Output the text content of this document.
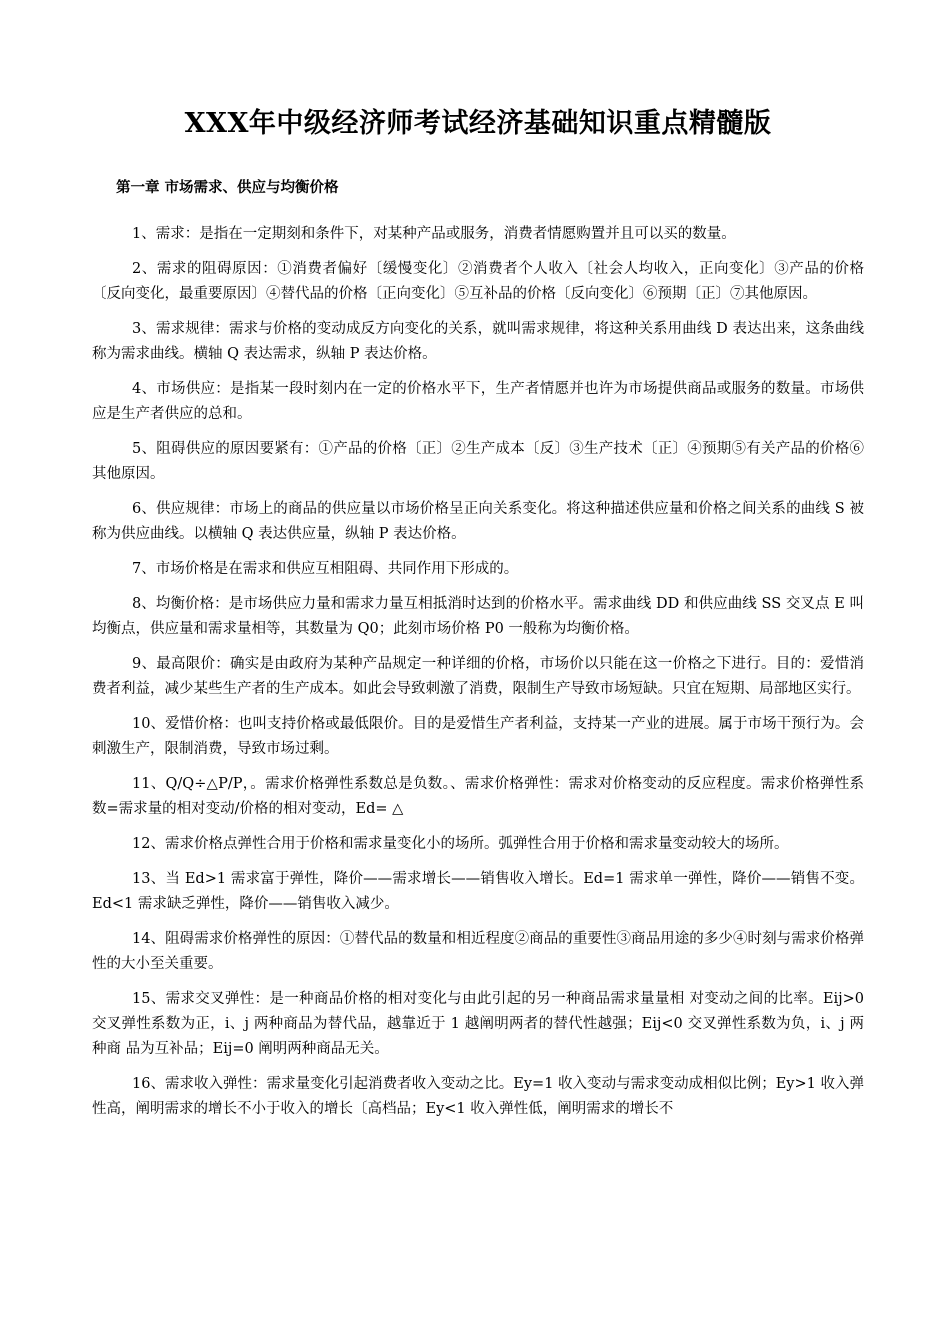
XXX年中级经济师考试经济基础知识重点精髓版
第一章 市场需求、供应与均衡价格

1、需求：是指在一定期刻和条件下，对某种产品或服务，消费者情愿购置并且可以买的数量。

2、需求的阻碍原因：①消费者偏好〔缓慢变化〕②消费者个人收入〔社会人均收入，正向变化〕③产品的价格〔反向变化，最重要原因〕④替代品的价格〔正向变化〕⑤互补品的价格〔反向变化〕⑥预期〔正〕⑦其他原因。

3、需求规律：需求与价格的变动成反方向变化的关系，就叫需求规律，将这种关系用曲线 D 表达出来，这条曲线称为需求曲线。横轴 Q 表达需求，纵轴 P 表达价格。

4、市场供应：是指某一段时刻内在一定的价格水平下，生产者情愿并也许为市场提供商品或服务的数量。市场供应是生产者供应的总和。

5、阻碍供应的原因要紧有：①产品的价格〔正〕②生产成本〔反〕③生产技术〔正〕④预期⑤有关产品的价格⑥其他原因。

6、供应规律：市场上的商品的供应量以市场价格呈正向关系变化。将这种描述供应量和价格之间关系的曲线 S 被称为供应曲线。以横轴 Q 表达供应量，纵轴 P 表达价格。

7、市场价格是在需求和供应互相阻碍、共同作用下形成的。

8、均衡价格：是市场供应力量和需求力量互相抵消时达到的价格水平。需求曲线 DD 和供应曲线 SS 交叉点 E 叫均衡点，供应量和需求量相等，其数量为 Q0；此刻市场价格 P0 一般称为均衡价格。

9、最高限价：确实是由政府为某种产品规定一种详细的价格，市场价以只能在这一价格之下进行。目的：爱惜消费者利益，减少某些生产者的生产成本。如此会导致刺激了消费，限制生产导致市场短缺。只宜在短期、局部地区实行。

10、爱惜价格：也叫支持价格或最低限价。目的是爱惜生产者利益，支持某一产业的进展。属于市场干预行为。会刺激生产，限制消费，导致市场过剩。

11、Q/Q÷△P/P，。需求价格弹性系数总是负数。、需求价格弹性：需求对价格变动的反应程度。需求价格弹性系数=需求量的相对变动/价格的相对变动，Ed= △

12、需求价格点弹性合用于价格和需求量变化小的场所。弧弹性合用于价格和需求量变动较大的场所。

13、当 Ed>1 需求富于弹性，降价——需求增长——销售收入增长。Ed=1 需求单一弹性，降价——销售不变。Ed<1 需求缺乏弹性，降价——销售收入减少。

14、阻碍需求价格弹性的原因：①替代品的数量和相近程度②商品的重要性③商品用途的多少④时刻与需求价格弹性的大小至关重要。

15、需求交叉弹性：是一种商品价格的相对变化与由此引起的另一种商品需求量量相 对变动之间的比率。Eij>0 交叉弹性系数为正，i、j 两种商品为替代品，越靠近于 1 越阐明两者的替代性越强；Eij<0 交叉弹性系数为负，i、j 两种商 品为互补品；Eij=0 阐明两种商品无关。

16、需求收入弹性：需求量变化引起消费者收入变动之比。Ey=1 收入变动与需求变动成相似比例；Ey>1 收入弹性高，阐明需求的增长不小于收入的增长〔高档品；Ey<1 收入弹性低，阐明需求的增长不
